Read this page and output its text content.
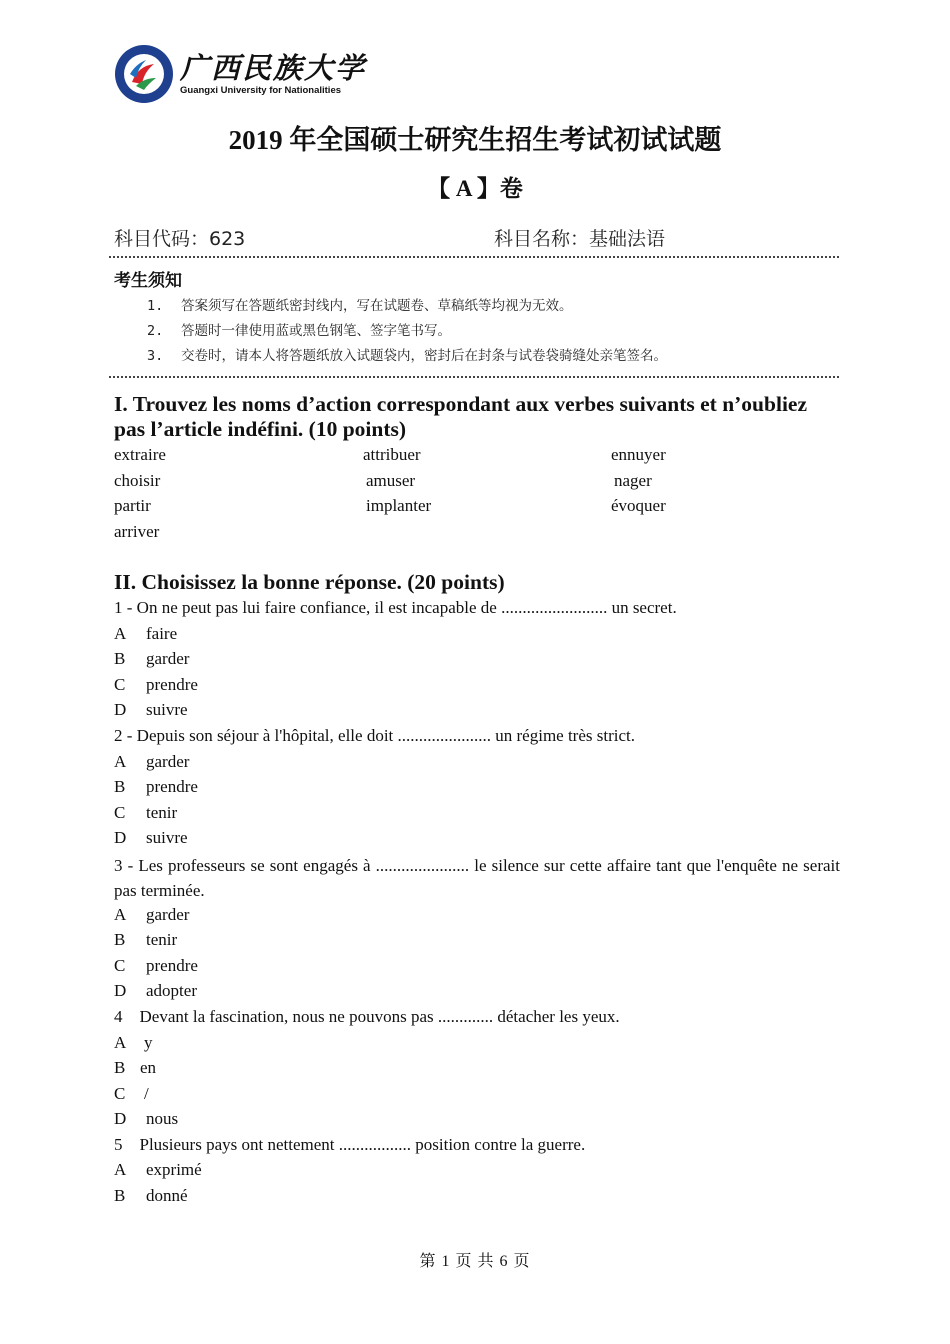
广西民族大学
Guangxi University for Nationalities
2019 年全国硕士研究生招生考试初试试题
【 A 】卷
科目代码：623	科目名称：基础法语
考生须知
1. 答案须写在答题纸密封线内，写在试题卷、草稿纸等均视为无效。
2. 答题时一律使用蓝或黑色钢笔、签字笔书写。
3. 交卷时，请本人将答题纸放入试题袋内，密封后在封条与试卷袋骑缝处亲笔签名。
I. Trouvez les noms d’action correspondant aux verbes suivants et n’oubliez
pas l’article indéfini. (10 points)
extraire	attribuer	ennuyer
choisir	amuser	nager
partir	implanter	évoquer
arriver
II. Choisissez la bonne réponse. (20 points)
1 - On ne peut pas lui faire confiance, il est incapable de ......................... un secret.
A faire
B garder
C prendre
D suivre
2 - Depuis son séjour à l'hôpital, elle doit ...................... un régime très strict.
A garder
B prendre
C tenir
D suivre
3 - Les professeurs se sont engagés à ...................... le silence sur cette affaire tant que l'enquête ne serait pas terminée.
A garder
B tenir
C prendre
D adopter
4    Devant la fascination, nous ne pouvons pas ............. détacher les yeux.
A y
B en
C /
D nous
5    Plusieurs pays ont nettement ................. position contre la guerre.
A exprimé
B donné
第 1 页 共 6 页
